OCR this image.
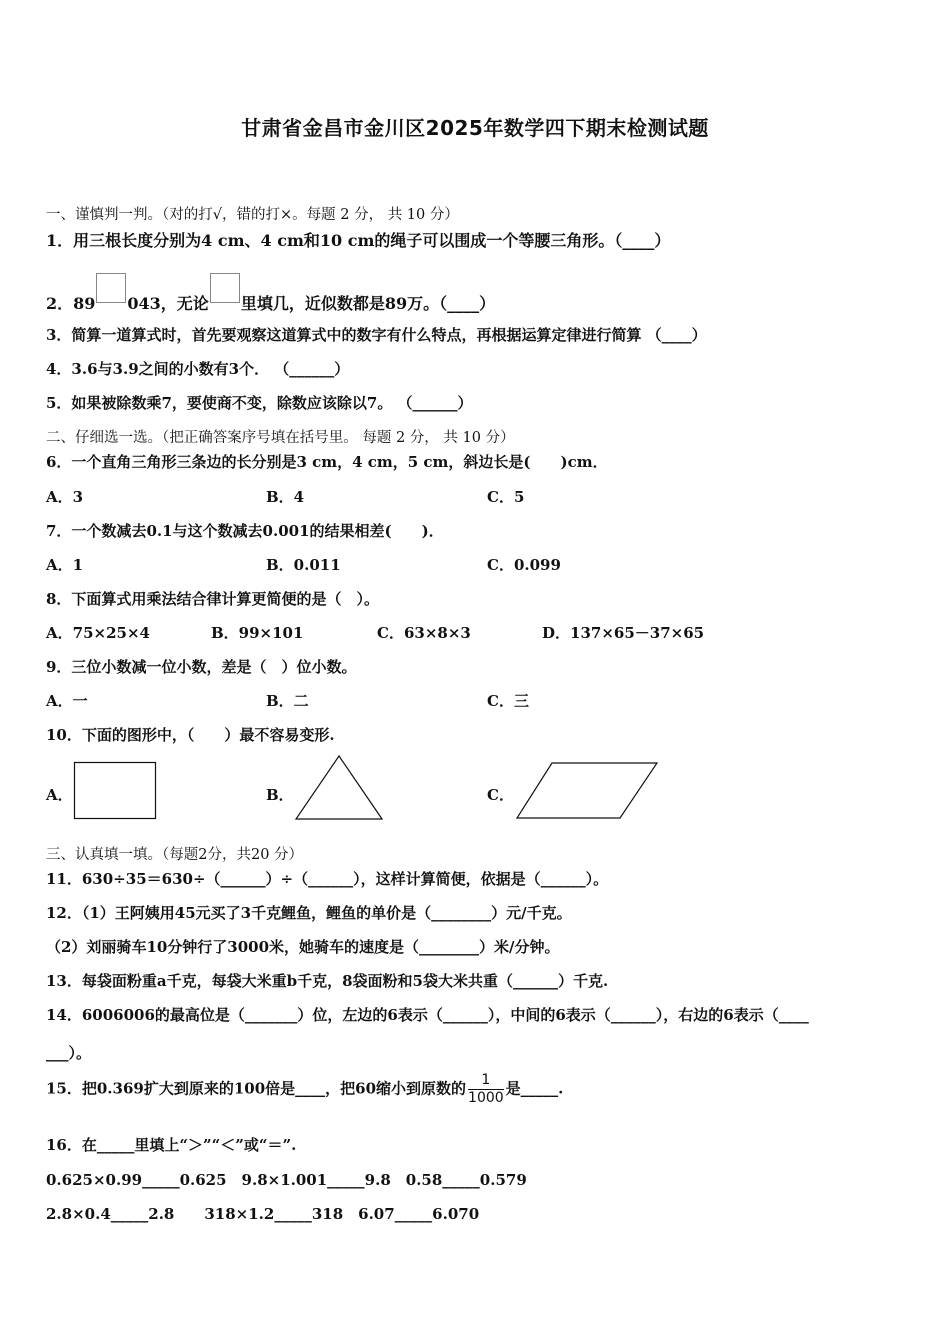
甘肃省金昌市金川区2025年数学四下期末检测试题
一、谨慎判一判。（对的打√，错的打×。每题 2 分， 共 10 分）
1．用三根长度分别为4 cm、4 cm和10 cm的绳子可以围成一个等腰三角形。（____）
2．89 043，无论 里填几，近似数都是89万。（____）
3．简算一道算式时，首先要观察这道算式中的数字有什么特点，再根据运算定律进行简算 （____）
4．3.6与3.9之间的小数有3个． （______）
5．如果被除数乘7，要使商不变，除数应该除以7。 （______）
二、仔细选一选。（把正确答案序号填在括号里。 每题 2 分， 共 10 分）
6．一个直角三角形三条边的长分别是3 cm，4 cm，5 cm，斜边长是(　　)cm．
A．3	B．4	C．5
7．一个数减去0.1与这个数减去0.001的结果相差(　　)．
A．1	B．0.011	C．0.099
8．下面算式用乘法结合律计算更简便的是（　）。
A．75×25×4	B．99×101	C．63×8×3	D．137×65－37×65
9．三位小数减一位小数，差是（　）位小数。
A．一	B．二	C．三
10．下面的图形中，（　　）最不容易变形.
A．	B．	C．
三、认真填一填。（每题2分，共20 分）
11．630÷35＝630÷（______）÷（______），这样计算简便，依据是（______）。
12．（1）王阿姨用45元买了3千克鲤鱼，鲤鱼的单价是（________）元/千克。
（2）刘丽骑车10分钟行了3000米，她骑车的速度是（________）米/分钟。
13．每袋面粉重a千克，每袋大米重b千克，8袋面粉和5袋大米共重（______）千克.
14．6006006的最高位是（_______）位，左边的6表示（______），中间的6表示（______），右边的6表示（____
___）。
15．把0.369扩大到原来的100倍是____，把60缩小到原数的 $\frac{1}{1000}$ 是_____.
16．在_____里填上“＞”“＜”或“＝”.
0.625×0.99_____0.625　9.8×1.001_____9.8　0.58_____0.579
2.8×0.4_____2.8　　318×1.2_____318　6.07_____6.070
